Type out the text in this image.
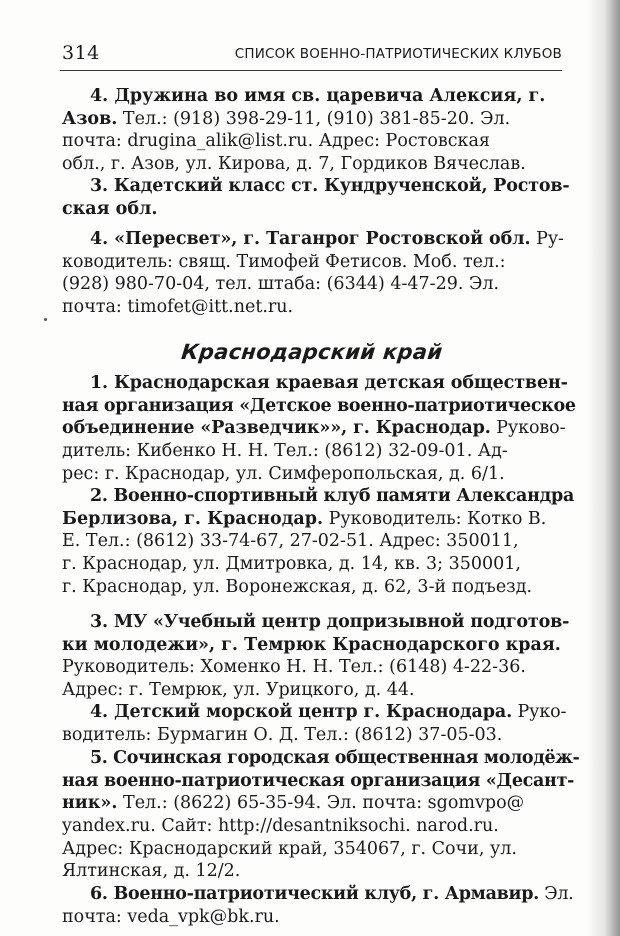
314	СПИСОК ВОЕННО-ПАТРИОТИЧЕСКИХ КЛУБОВ
4. Дружина во имя св. царевича Алексия, г.
Азов. Тел.: (918) 398-29-11, (910) 381-85-20. Эл.
почта: drugina_alik@list.ru. Адрес: Ростовская
обл., г. Азов, ул. Кирова, д. 7, Гордиков Вячеслав.
3. Кадетский класс ст. Кундрученской, Ростов-
ская обл.
4. «Пересвет», г. Таганрог Ростовской обл. Ру-
ководитель: свящ. Тимофей Фетисов. Моб. тел.:
(928) 980-70-04, тел. штаба: (6344) 4-47-29. Эл.
почта: timofet@itt.net.ru.
Краснодарский край
1. Краснодарская краевая детская обществен-
ная организация «Детское военно-патриотическое
объединение «Разведчик»», г. Краснодар. Руково-
дитель: Кибенко Н. Н. Тел.: (8612) 32-09-01. Ад-
рес: г. Краснодар, ул. Симферопольская, д. 6/1.
2. Военно-спортивный клуб памяти Александра
Берлизова, г. Краснодар. Руководитель: Котко В.
Е. Тел.: (8612) 33-74-67, 27-02-51. Адрес: 350011,
г. Краснодар, ул. Дмитровка, д. 14, кв. 3; 350001,
г. Краснодар, ул. Воронежская, д. 62, 3-й подъезд.
3. МУ «Учебный центр допризывной подготов-
ки молодежи», г. Темрюк Краснодарского края.
Руководитель: Хоменко Н. Н. Тел.: (6148) 4-22-36.
Адрес: г. Темрюк, ул. Урицкого, д. 44.
4. Детский морской центр г. Краснодара. Руко-
водитель: Бурмагин О. Д. Тел.: (8612) 37-05-03.
5. Сочинская городская общественная молодёж-
ная военно-патриотическая организация «Десант-
ник». Тел.: (8622) 65-35-94. Эл. почта: sgomvpo@
yandex.ru. Сайт: http://desantniksochi. narod.ru.
Адрес: Краснодарский край, 354067, г. Сочи, ул.
Ялтинская, д. 12/2.
6. Военно-патриотический клуб, г. Армавир. Эл.
почта: veda_vpk@bk.ru.
